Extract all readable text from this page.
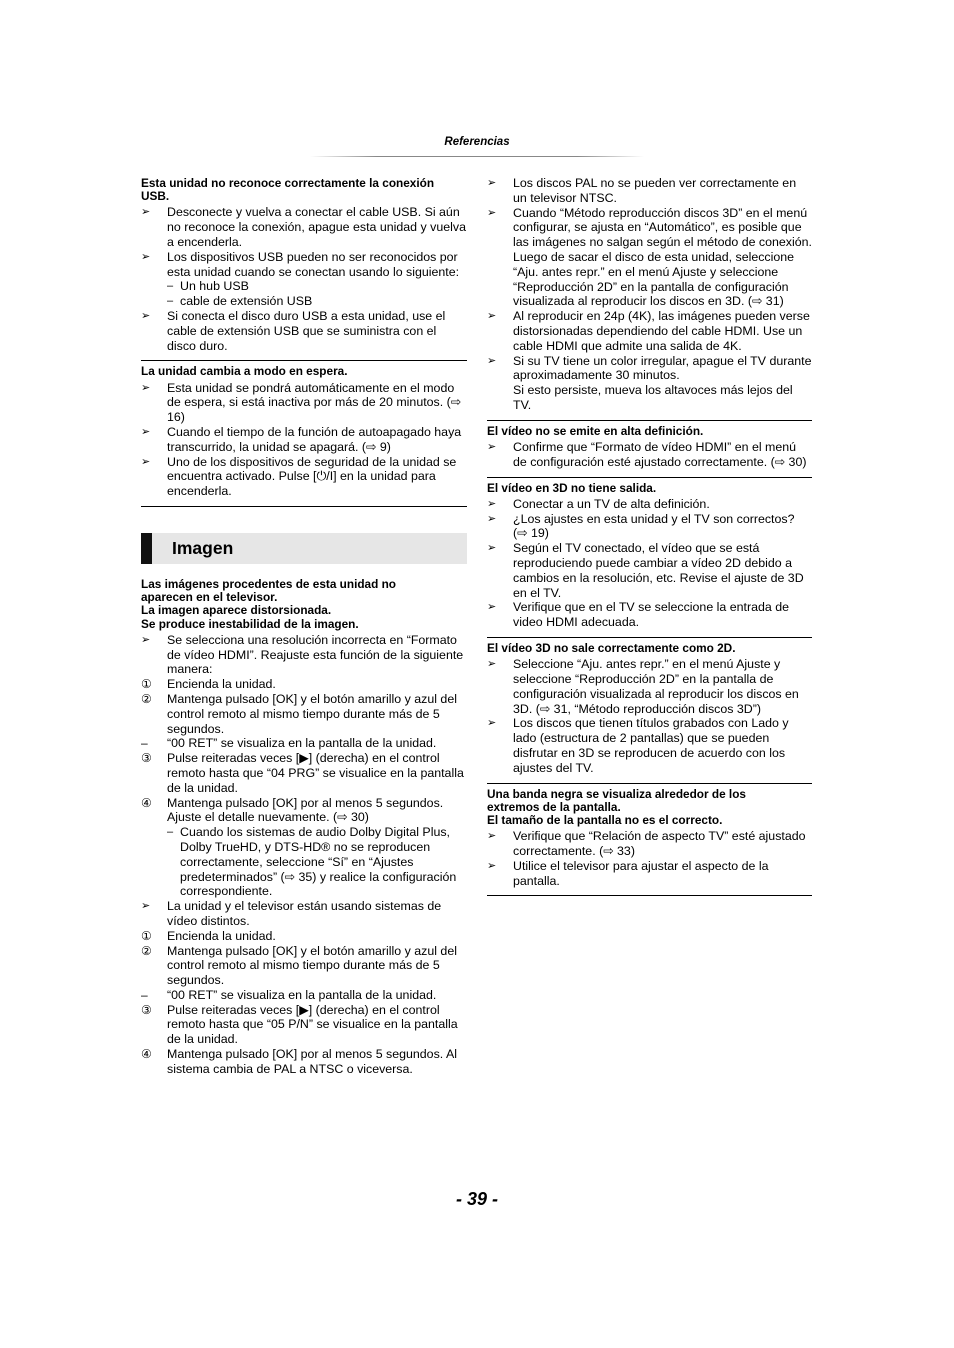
Referencias
Esta unidad no reconoce correctamente la conexión
USB.
➢	Desconecte y vuelva a conectar el cable USB. Si aún no reconoce la conexión, apague esta unidad y vuelva a encenderla.
➢	Los dispositivos USB pueden no ser reconocidos por esta unidad cuando se conectan usando lo siguiente:
– Un hub USB
– cable de extensión USB
➢	Si conecta el disco duro USB a esta unidad, use el cable de extensión USB que se suministra con el disco duro.
La unidad cambia a modo en espera.
➢	Esta unidad se pondrá automáticamente en el modo de espera, si está inactiva por más de 20 minutos. (⇨ 16)
➢	Cuando el tiempo de la función de autoapagado haya transcurrido, la unidad se apagará. (⇨ 9)
➢	Uno de los dispositivos de seguridad de la unidad se encuentra activado. Pulse [⏻/I] en la unidad para encenderla.
Imagen
Las imágenes procedentes de esta unidad no
aparecen en el televisor.
La imagen aparece distorsionada.
Se produce inestabilidad de la imagen.
➢	Se selecciona una resolución incorrecta en “Formato de vídeo HDMI”. Reajuste esta función de la siguiente manera:
①	Encienda la unidad.
②	Mantenga pulsado [OK] y el botón amarillo y azul del control remoto al mismo tiempo durante más de 5 segundos.
–	“00 RET” se visualiza en la pantalla de la unidad.
③	Pulse reiteradas veces [▶] (derecha) en el control remoto hasta que “04 PRG” se visualice en la pantalla de la unidad.
④	Mantenga pulsado [OK] por al menos 5 segundos. Ajuste el detalle nuevamente. (⇨ 30)
– Cuando los sistemas de audio Dolby Digital Plus, Dolby TrueHD, y DTS-HD® no se reproducen correctamente, seleccione “Sí” en “Ajustes predeterminados” (⇨ 35) y realice la configuración correspondiente.
➢	La unidad y el televisor están usando sistemas de vídeo distintos.
①	Encienda la unidad.
②	Mantenga pulsado [OK] y el botón amarillo y azul del control remoto al mismo tiempo durante más de 5 segundos.
–	“00 RET” se visualiza en la pantalla de la unidad.
③	Pulse reiteradas veces [▶] (derecha) en el control remoto hasta que “05 P/N” se visualice en la pantalla de la unidad.
④	Mantenga pulsado [OK] por al menos 5 segundos. Al sistema cambia de PAL a NTSC o viceversa.
➢	Los discos PAL no se pueden ver correctamente en un televisor NTSC.
➢	Cuando “Método reproducción discos 3D” en el menú configurar, se ajusta en “Automático”, es posible que las imágenes no salgan según el método de conexión. Luego de sacar el disco de esta unidad, seleccione “Aju. antes repr.” en el menú Ajuste y seleccione “Reproducción 2D” en la pantalla de configuración visualizada al reproducir los discos en 3D. (⇨ 31)
➢	Al reproducir en 24p (4K), las imágenes pueden verse distorsionadas dependiendo del cable HDMI. Use un cable HDMI que admite una salida de 4K.
➢	Si su TV tiene un color irregular, apague el TV durante aproximadamente 30 minutos.
Si esto persiste, mueva los altavoces más lejos del TV.
El vídeo no se emite en alta definición.
➢	Confirme que “Formato de vídeo HDMI” en el menú de configuración esté ajustado correctamente. (⇨ 30)
El vídeo en 3D no tiene salida.
➢	Conectar a un TV de alta definición.
➢	¿Los ajustes en esta unidad y el TV son correctos? (⇨ 19)
➢	Según el TV conectado, el vídeo que se está reproduciendo puede cambiar a vídeo 2D debido a cambios en la resolución, etc. Revise el ajuste de 3D en el TV.
➢	Verifique que en el TV se seleccione la entrada de video HDMI adecuada.
El vídeo 3D no sale correctamente como 2D.
➢	Seleccione “Aju. antes repr.” en el menú Ajuste y seleccione “Reproducción 2D” en la pantalla de configuración visualizada al reproducir los discos en 3D. (⇨ 31, “Método reproducción discos 3D”)
➢	Los discos que tienen títulos grabados con Lado y lado (estructura de 2 pantallas) que se pueden disfrutar en 3D se reproducen de acuerdo con los ajustes del TV.
Una banda negra se visualiza alrededor de los
extremos de la pantalla.
El tamaño de la pantalla no es el correcto.
➢	Verifique que “Relación de aspecto TV” esté ajustado correctamente. (⇨ 33)
➢	Utilice el televisor para ajustar el aspecto de la pantalla.
- 39 -
